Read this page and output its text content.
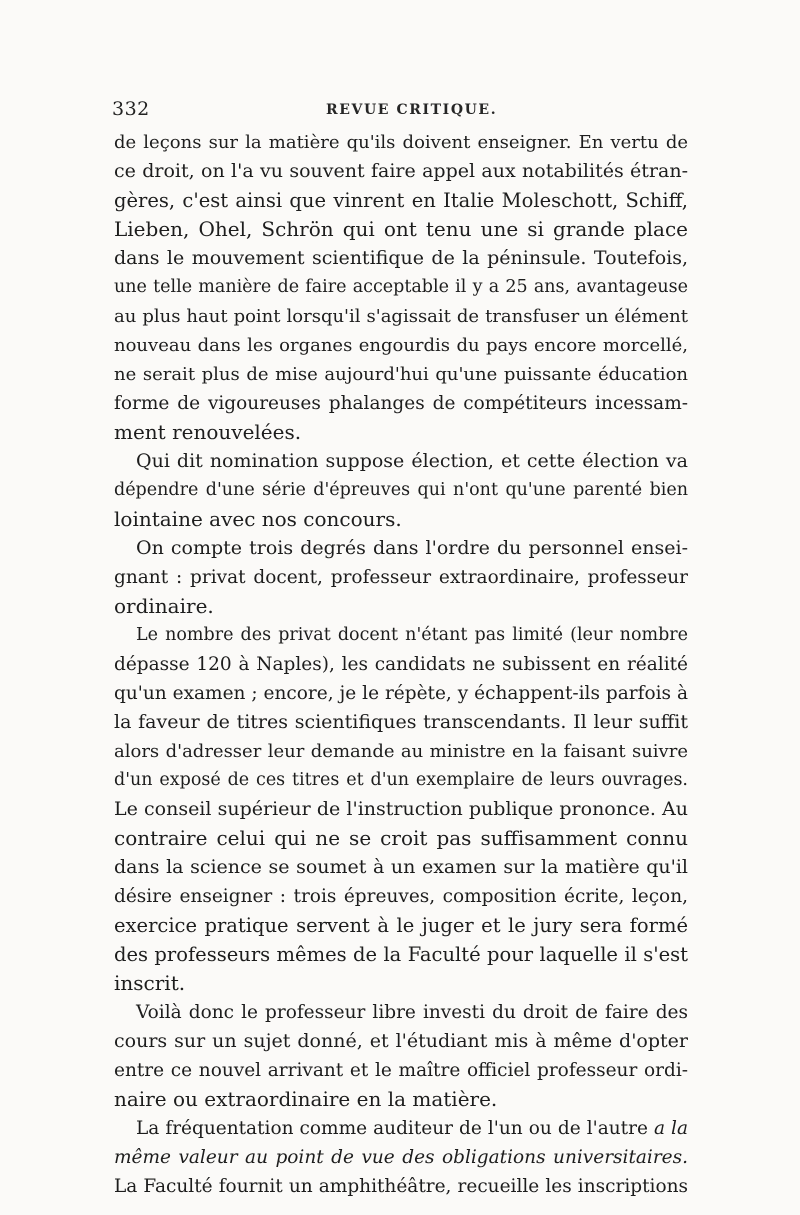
332	REVUE CRITIQUE.
de leçons sur la matière qu'ils doivent enseigner. En vertu de
ce droit, on l'a vu souvent faire appel aux notabilités étran-
gères, c'est ainsi que vinrent en Italie Moleschott, Schiff,
Lieben, Ohel, Schrön qui ont tenu une si grande place
dans le mouvement scientifique de la péninsule. Toutefois,
une telle manière de faire acceptable il y a 25 ans, avantageuse
au plus haut point lorsqu'il s'agissait de transfuser un élément
nouveau dans les organes engourdis du pays encore morcellé,
ne serait plus de mise aujourd'hui qu'une puissante éducation
forme de vigoureuses phalanges de compétiteurs incessam-
ment renouvelées.
Qui dit nomination suppose élection, et cette élection va
dépendre d'une série d'épreuves qui n'ont qu'une parenté bien
lointaine avec nos concours.
On compte trois degrés dans l'ordre du personnel ensei-
gnant : privat docent, professeur extraordinaire, professeur
ordinaire.
Le nombre des privat docent n'étant pas limité (leur nombre
dépasse 120 à Naples), les candidats ne subissent en réalité
qu'un examen ; encore, je le répète, y échappent-ils parfois à
la faveur de titres scientifiques transcendants. Il leur suffit
alors d'adresser leur demande au ministre en la faisant suivre
d'un exposé de ces titres et d'un exemplaire de leurs ouvrages.
Le conseil supérieur de l'instruction publique prononce. Au
contraire celui qui ne se croit pas suffisamment connu
dans la science se soumet à un examen sur la matière qu'il
désire enseigner : trois épreuves, composition écrite, leçon,
exercice pratique servent à le juger et le jury sera formé
des professeurs mêmes de la Faculté pour laquelle il s'est
inscrit.
Voilà donc le professeur libre investi du droit de faire des
cours sur un sujet donné, et l'étudiant mis à même d'opter
entre ce nouvel arrivant et le maître officiel professeur ordi-
naire ou extraordinaire en la matière.
La fréquentation comme auditeur de l'un ou de l'autre a la
même valeur au point de vue des obligations universitaires.
La Faculté fournit un amphithéâtre, recueille les inscriptions
